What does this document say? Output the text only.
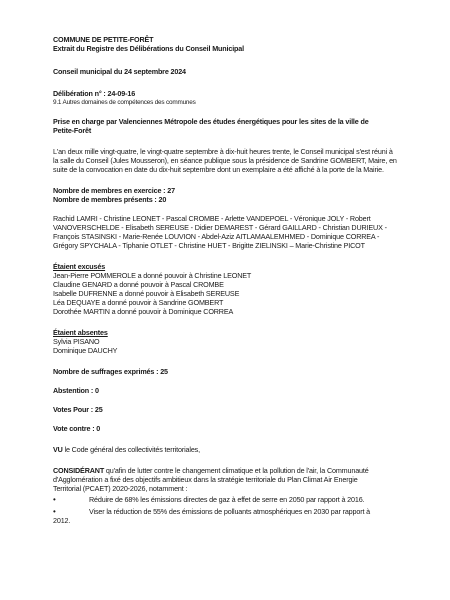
COMMUNE DE PETITE-FORÊT
Extrait du Registre des Délibérations du Conseil Municipal
Conseil municipal du 24 septembre 2024
Délibération n° : 24-09-16
9.1 Autres domaines de compétences des communes
Prise en charge par Valenciennes Métropole des études énergétiques pour les sites de la ville de
Petite-Forêt
L'an deux mille vingt-quatre, le vingt-quatre septembre à dix-huit heures trente, le Conseil municipal s'est réuni à
la salle du Conseil (Jules Mousseron), en séance publique sous la présidence de Sandrine GOMBERT, Maire, en
suite de la convocation en date du dix-huit septembre dont un exemplaire a été affiché à la porte de la Mairie.
Nombre de membres en exercice : 27
Nombre de membres présents : 20
Rachid LAMRI - Christine LEONET - Pascal CROMBE - Arlette VANDEPOEL - Véronique JOLY - Robert
VANOVERSCHELDE - Elisabeth SEREUSE - Didier DEMAREST - Gérard GAILLARD - Christian DURIEUX -
François STASINSKI - Marie-Renée LOUVION - Abdel-Aziz AITLAMAALEMHMED - Dominique CORREA -
Grégory SPYCHALA - Tiphanie OTLET - Christine HUET - Brigitte ZIELINSKI – Marie-Christine PICOT
Étaient excusés
Jean-Pierre POMMEROLE a donné pouvoir à Christine LEONET
Claudine GENARD a donné pouvoir à Pascal CROMBE
Isabelle DUFRENNE a donné pouvoir à Elisabeth SEREUSE
Léa DEQUAYE a donné pouvoir à Sandrine GOMBERT
Dorothée MARTIN a donné pouvoir à Dominique CORREA
Étaient absentes
Sylvia PISANO
Dominique DAUCHY
Nombre de suffrages exprimés : 25
Abstention : 0
Votes Pour : 25
Vote contre : 0
VU le Code général des collectivités territoriales,
CONSIDÉRANT qu'afin de lutter contre le changement climatique et la pollution de l'air, la Communauté
d'Agglomération a fixé des objectifs ambitieux dans la stratégie territoriale du Plan Climat Air Energie
Territorial (PCAET) 2020-2026, notamment :
•	Réduire de 68% les émissions directes de gaz à effet de serre en 2050 par rapport à 2016.
•	Viser la réduction de 55% des émissions de polluants atmosphériques en 2030 par rapport à
2012.
